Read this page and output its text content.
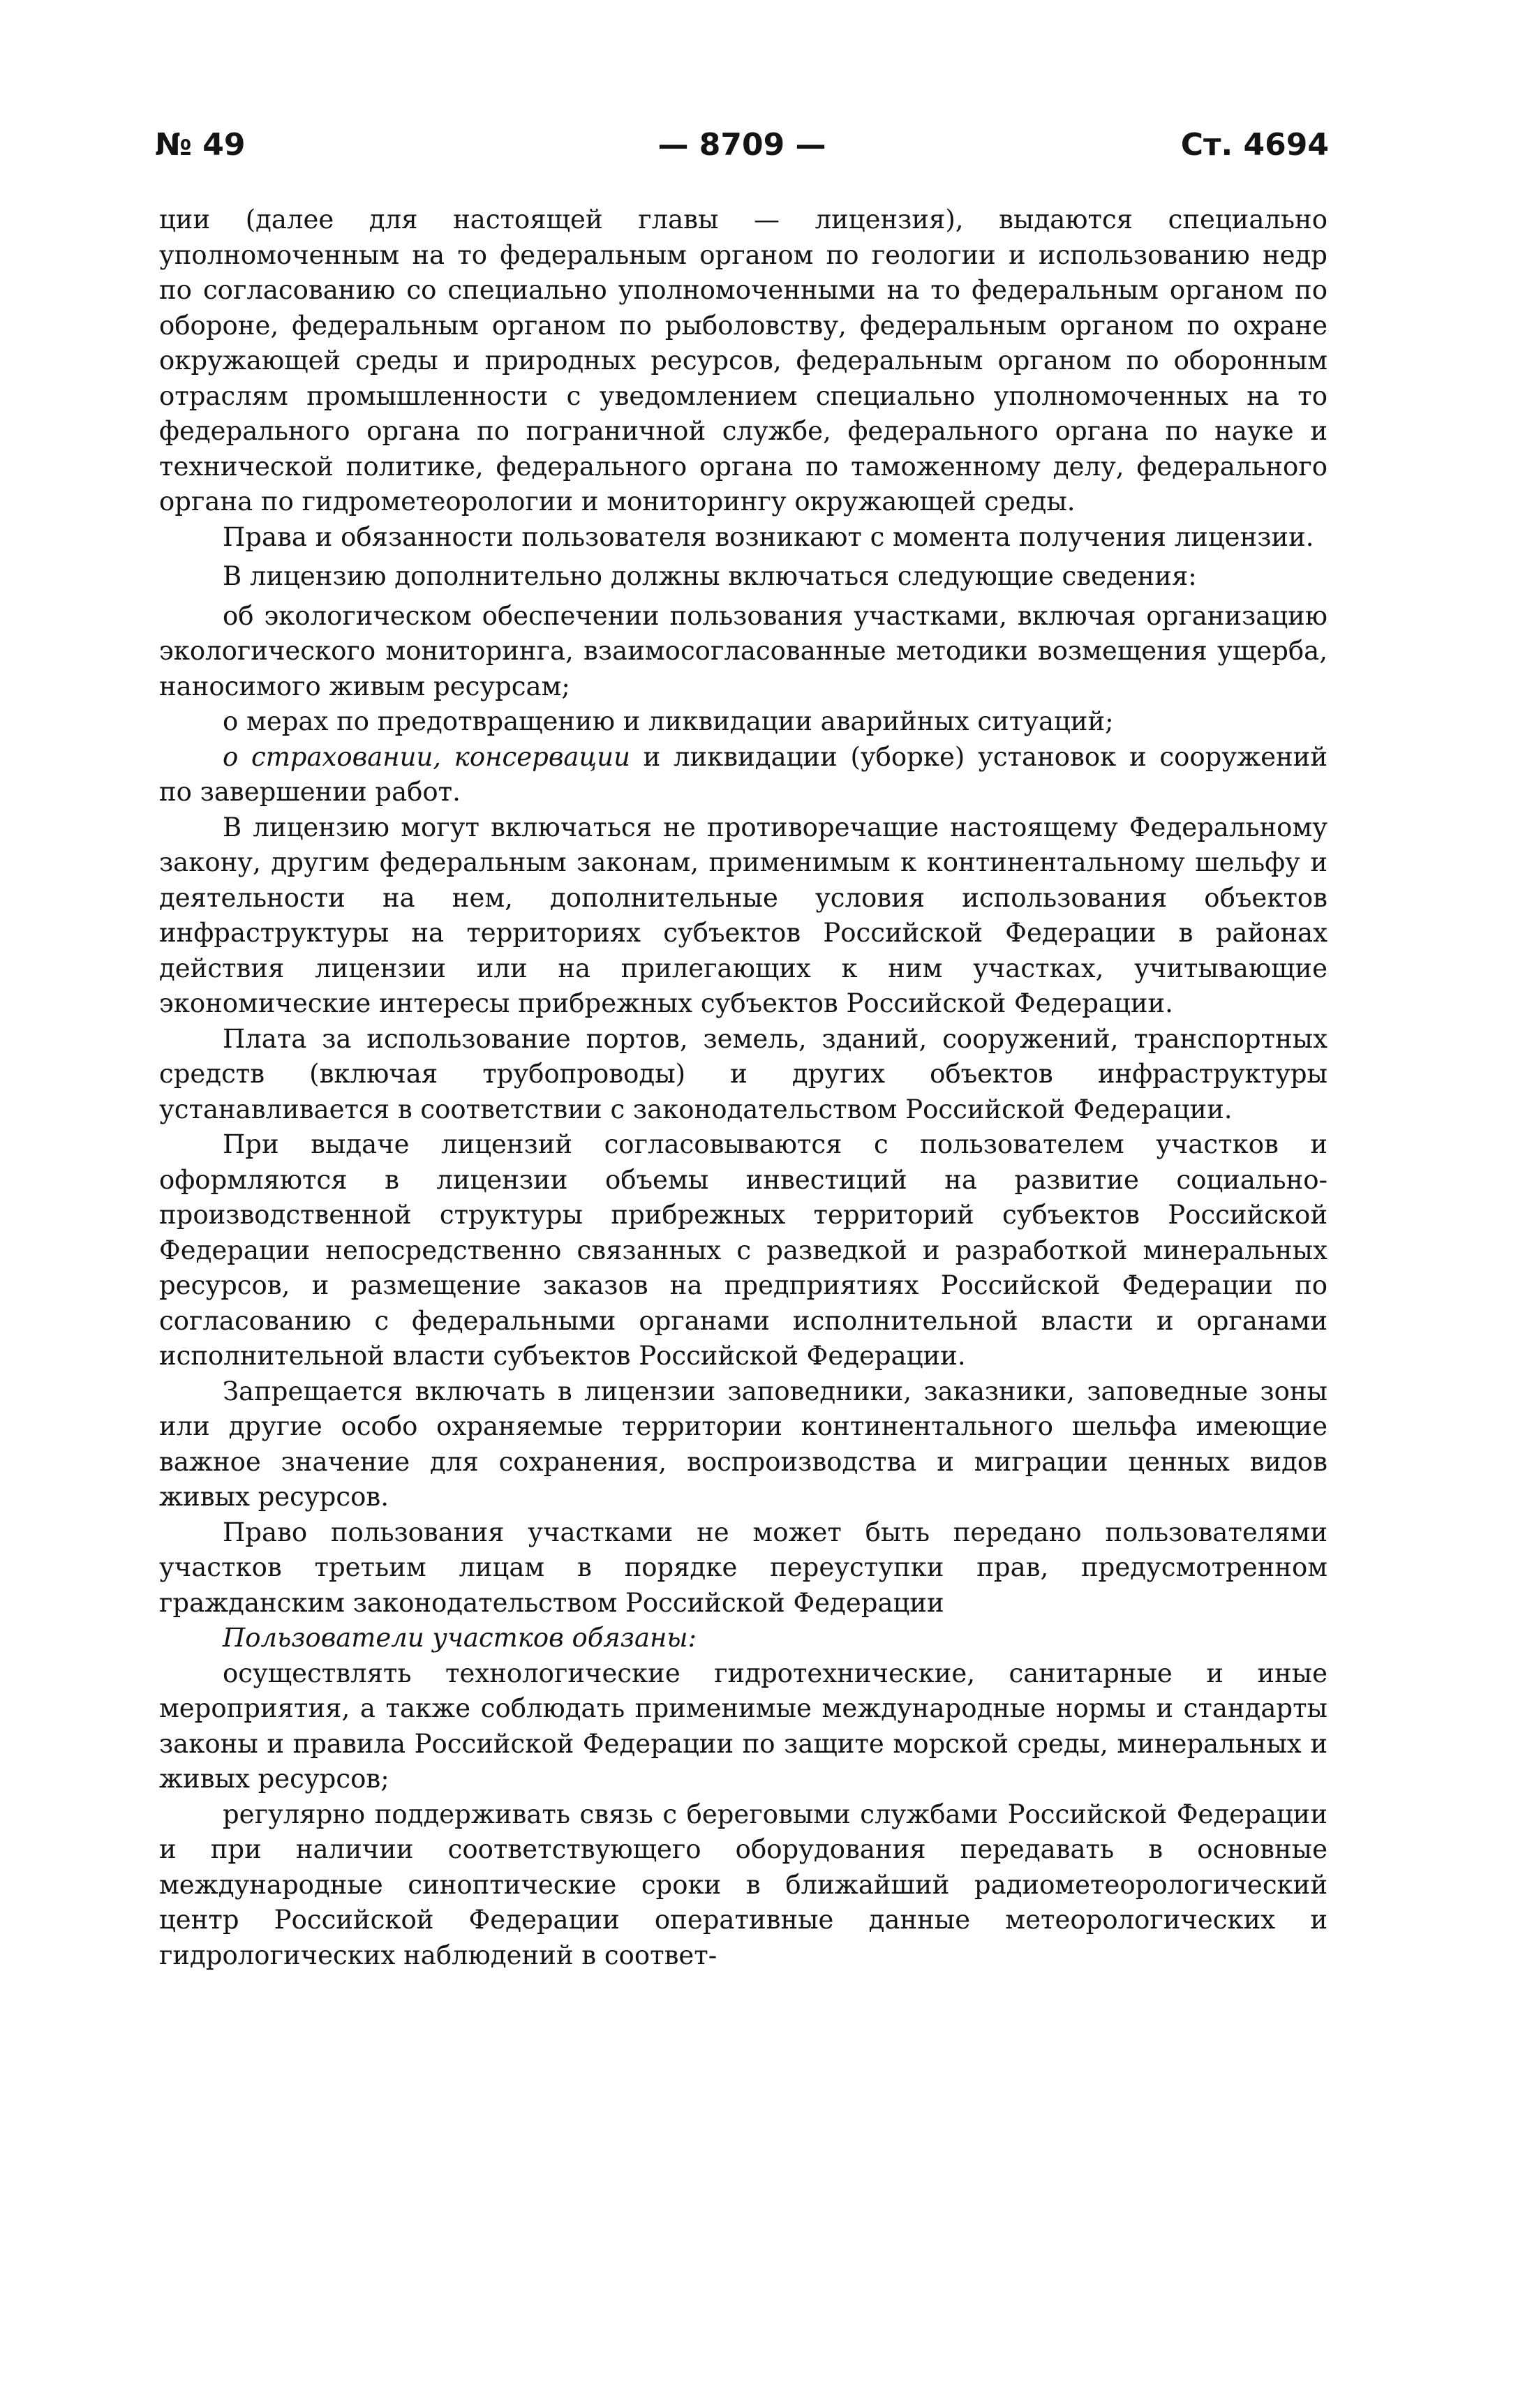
№ 49	— 8709 —	Ст. 4694

ции (далее для настоящей главы — лицензия), выдаются специально уполномоченным на то федеральным органом по геологии и использованию недр по согласованию со специально уполномоченными на то федеральным органом по обороне, федеральным органом по рыболовству, федеральным органом по охране окружающей среды и природных ресурсов, федеральным органом по оборонным отраслям промышленности с уведомлением специально уполномоченных на то федерального органа по пограничной службе, федерального органа по науке и технической политике, федерального органа по таможенному делу, федерального органа по гидрометеорологии и мониторингу окружающей среды.

Права и обязанности пользователя возникают с момента получения лицензии.

В лицензию дополнительно должны включаться следующие сведения:

об экологическом обеспечении пользования участками, включая организацию экологического мониторинга, взаимосогласованные методики возмещения ущерба, наносимого живым ресурсам;

о мерах по предотвращению и ликвидации аварийных ситуаций;

о страховании, консервации и ликвидации (уборке) установок и сооружений по завершении работ.

В лицензию могут включаться не противоречащие настоящему Федеральному закону, другим федеральным законам, применимым к континентальному шельфу и деятельности на нем, дополнительные условия использования объектов инфраструктуры на территориях субъектов Российской Федерации в районах действия лицензии или на прилегающих к ним участках, учитывающие экономические интересы прибрежных субъектов Российской Федерации.

Плата за использование портов, земель, зданий, сооружений, транспортных средств (включая трубопроводы) и других объектов инфраструктуры устанавливается в соответствии с законодательством Российской Федерации.

При выдаче лицензий согласовываются с пользователем участков и оформляются в лицензии объемы инвестиций на развитие социально-производственной структуры прибрежных территорий субъектов Российской Федерации непосредственно связанных с разведкой и разработкой минеральных ресурсов, и размещение заказов на предприятиях Российской Федерации по согласованию с федеральными органами исполнительной власти и органами исполнительной власти субъектов Российской Федерации.

Запрещается включать в лицензии заповедники, заказники, заповедные зоны или другие особо охраняемые территории континентального шельфа имеющие важное значение для сохранения, воспроизводства и миграции ценных видов живых ресурсов.

Право пользования участками не может быть передано пользователями участков третьим лицам в порядке переуступки прав, предусмотренном гражданским законодательством Российской Федерации

Пользователи участков обязаны:

осуществлять технологические гидротехнические, санитарные и иные мероприятия, а также соблюдать применимые международные нормы и стандарты законы и правила Российской Федерации по защите морской среды, минеральных и живых ресурсов;

регулярно поддерживать связь с береговыми службами Российской Федерации и при наличии соответствующего оборудования передавать в основные международные синоптические сроки в ближайший радиометеорологический центр Российской Федерации оперативные данные метеорологических и гидрологических наблюдений в соответ-
